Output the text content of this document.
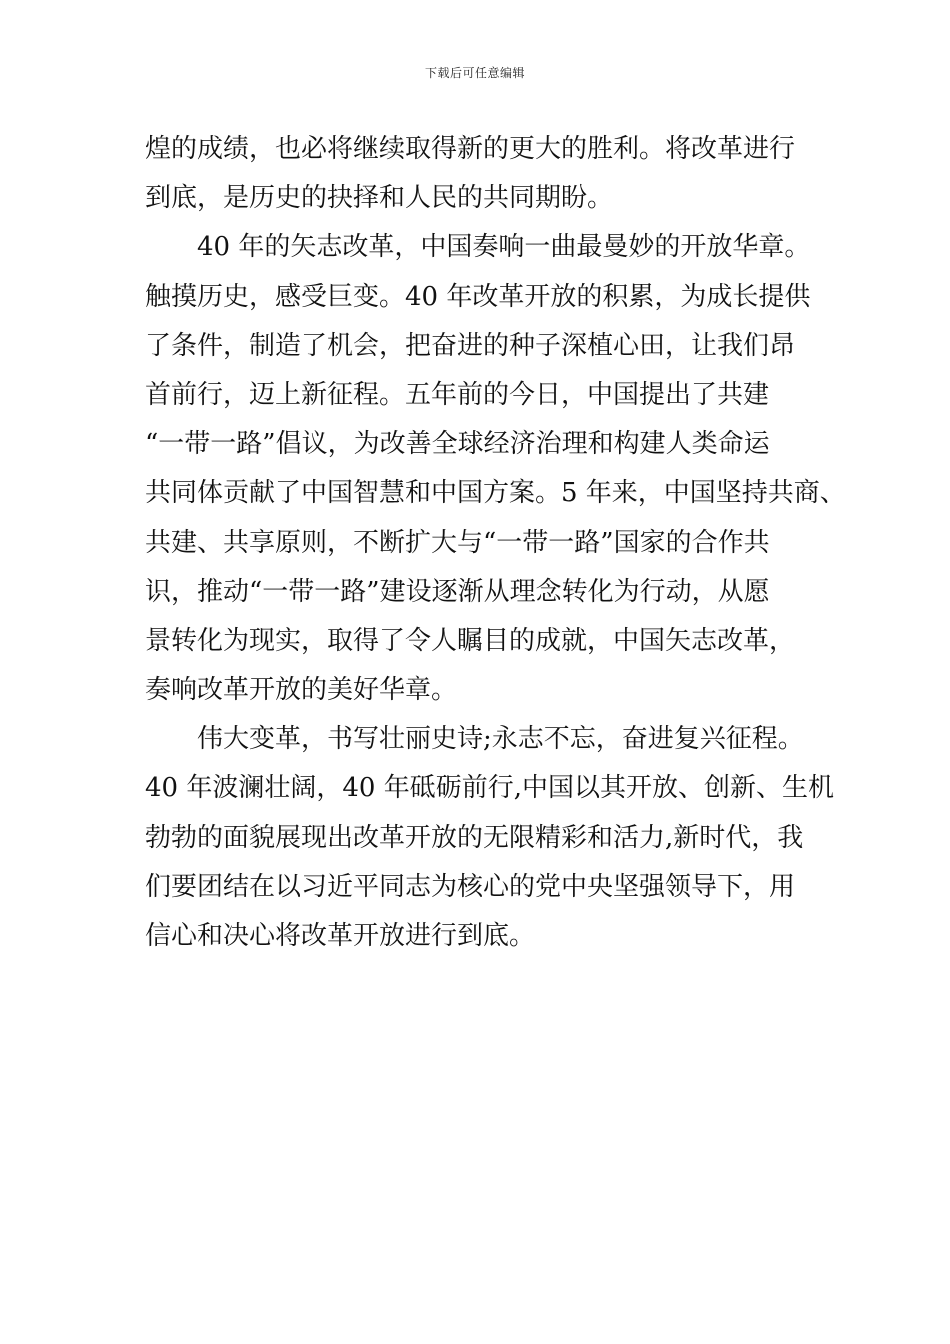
下载后可任意编辑
煌的成绩，也必将继续取得新的更大的胜利。将改革进行
到底，是历史的抉择和人民的共同期盼。
40 年的矢志改革，中国奏响一曲最曼妙的开放华章。
触摸历史，感受巨变。40 年改革开放的积累，为成长提供
了条件，制造了机会，把奋进的种子深植心田，让我们昂
首前行，迈上新征程。五年前的今日，中国提出了共建
“一带一路”倡议，为改善全球经济治理和构建人类命运
共同体贡献了中国智慧和中国方案。5 年来，中国坚持共商、
共建、共享原则，不断扩大与“一带一路”国家的合作共
识，推动“一带一路”建设逐渐从理念转化为行动，从愿
景转化为现实，取得了令人瞩目的成就，中国矢志改革，
奏响改革开放的美好华章。
伟大变革，书写壮丽史诗;永志不忘，奋进复兴征程。
40 年波澜壮阔，40 年砥砺前行,中国以其开放、创新、生机
勃勃的面貌展现出改革开放的无限精彩和活力,新时代，我
们要团结在以习近平同志为核心的党中央坚强领导下，用
信心和决心将改革开放进行到底。
